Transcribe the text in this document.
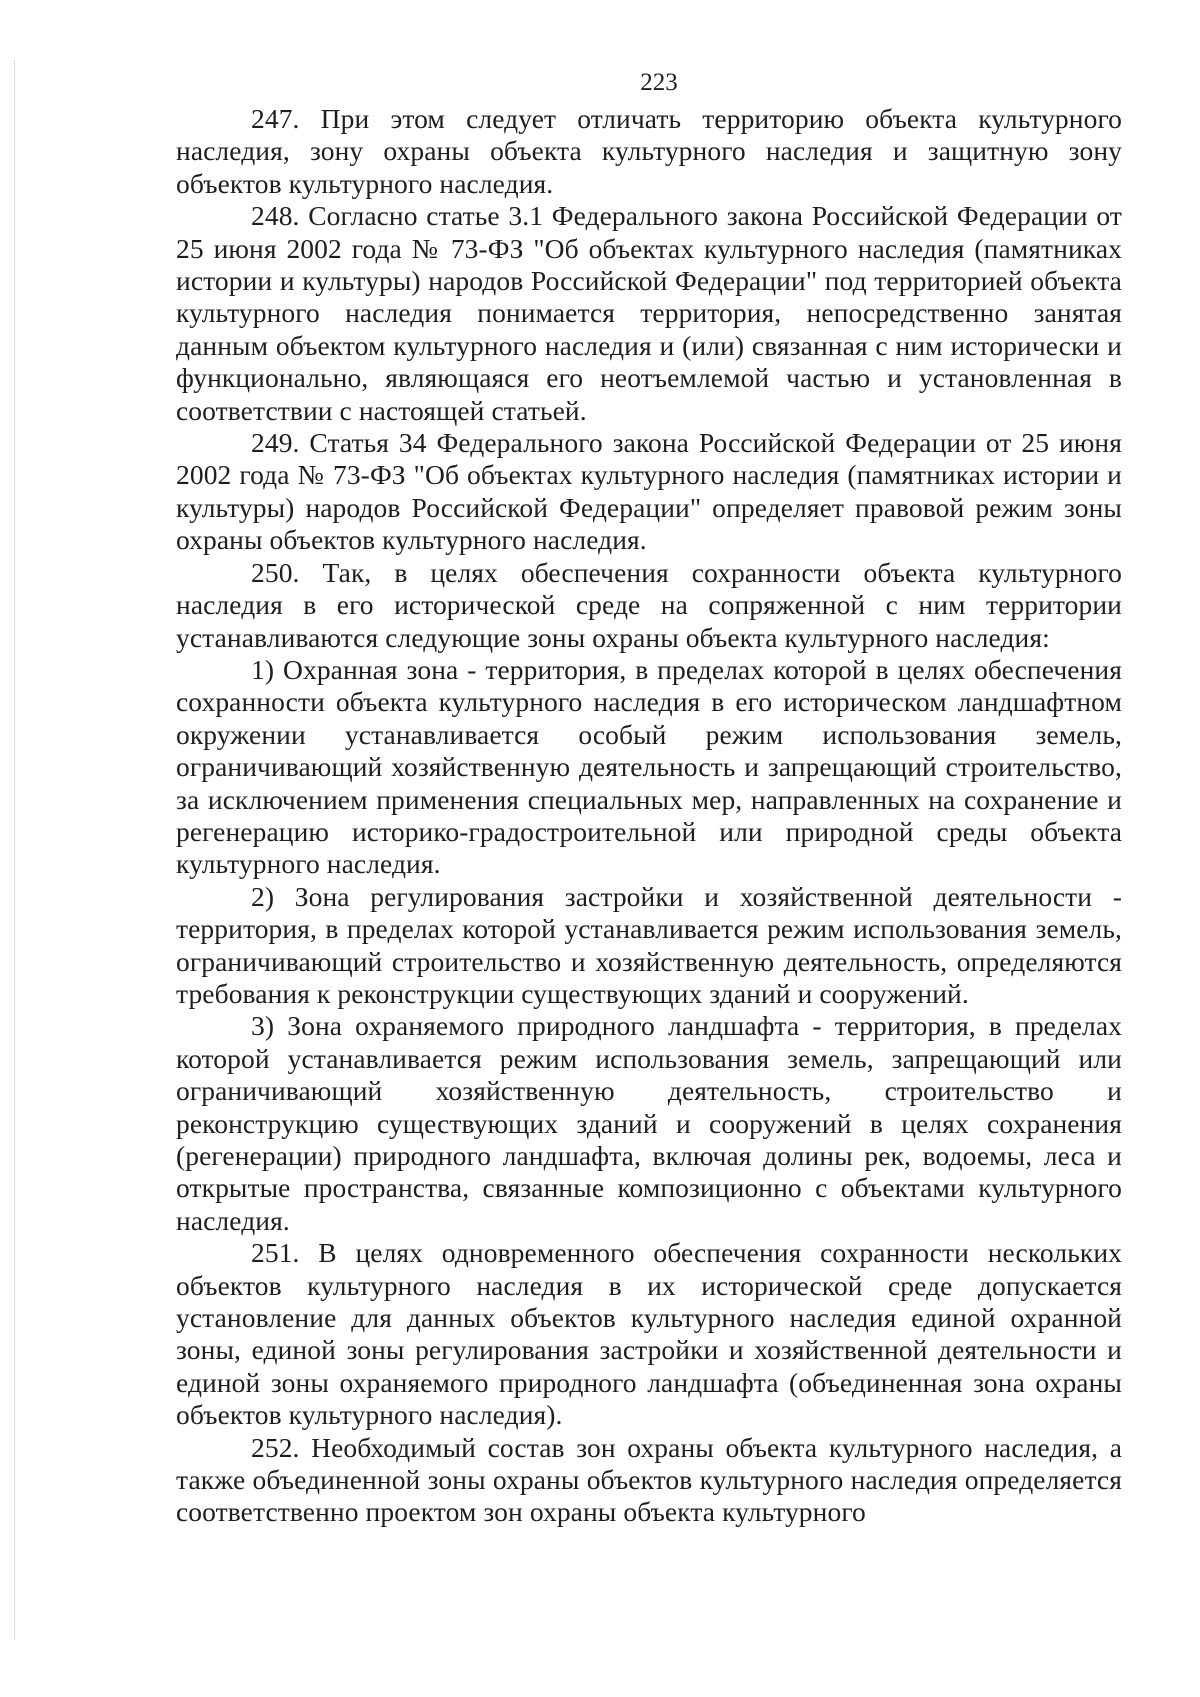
223

247. При этом следует отличать территорию объекта культурного наследия, зону охраны объекта культурного наследия и защитную зону объектов культурного наследия.

248. Согласно статье 3.1 Федерального закона Российской Федерации от 25 июня 2002 года № 73-ФЗ "Об объектах культурного наследия (памятниках истории и культуры) народов Российской Федерации" под территорией объекта культурного наследия понимается территория, непосредственно занятая данным объектом культурного наследия и (или) связанная с ним исторически и функционально, являющаяся его неотъемлемой частью и установленная в соответствии с настоящей статьей.

249. Статья 34 Федерального закона Российской Федерации от 25 июня 2002 года № 73-ФЗ "Об объектах культурного наследия (памятниках истории и культуры) народов Российской Федерации" определяет правовой режим зоны охраны объектов культурного наследия.

250. Так, в целях обеспечения сохранности объекта культурного наследия в его исторической среде на сопряженной с ним территории устанавливаются следующие зоны охраны объекта культурного наследия:

1) Охранная зона - территория, в пределах которой в целях обеспечения сохранности объекта культурного наследия в его историческом ландшафтном окружении устанавливается особый режим использования земель, ограничивающий хозяйственную деятельность и запрещающий строительство, за исключением применения специальных мер, направленных на сохранение и регенерацию историко-градостроительной или природной среды объекта культурного наследия.

2) Зона регулирования застройки и хозяйственной деятельности - территория, в пределах которой устанавливается режим использования земель, ограничивающий строительство и хозяйственную деятельность, определяются требования к реконструкции существующих зданий и сооружений.

3) Зона охраняемого природного ландшафта - территория, в пределах которой устанавливается режим использования земель, запрещающий или ограничивающий хозяйственную деятельность, строительство и реконструкцию существующих зданий и сооружений в целях сохранения (регенерации) природного ландшафта, включая долины рек, водоемы, леса и открытые пространства, связанные композиционно с объектами культурного наследия.

251. В целях одновременного обеспечения сохранности нескольких объектов культурного наследия в их исторической среде допускается установление для данных объектов культурного наследия единой охранной зоны, единой зоны регулирования застройки и хозяйственной деятельности и единой зоны охраняемого природного ландшафта (объединенная зона охраны объектов культурного наследия).

252. Необходимый состав зон охраны объекта культурного наследия, а также объединенной зоны охраны объектов культурного наследия определяется соответственно проектом зон охраны объекта культурного
